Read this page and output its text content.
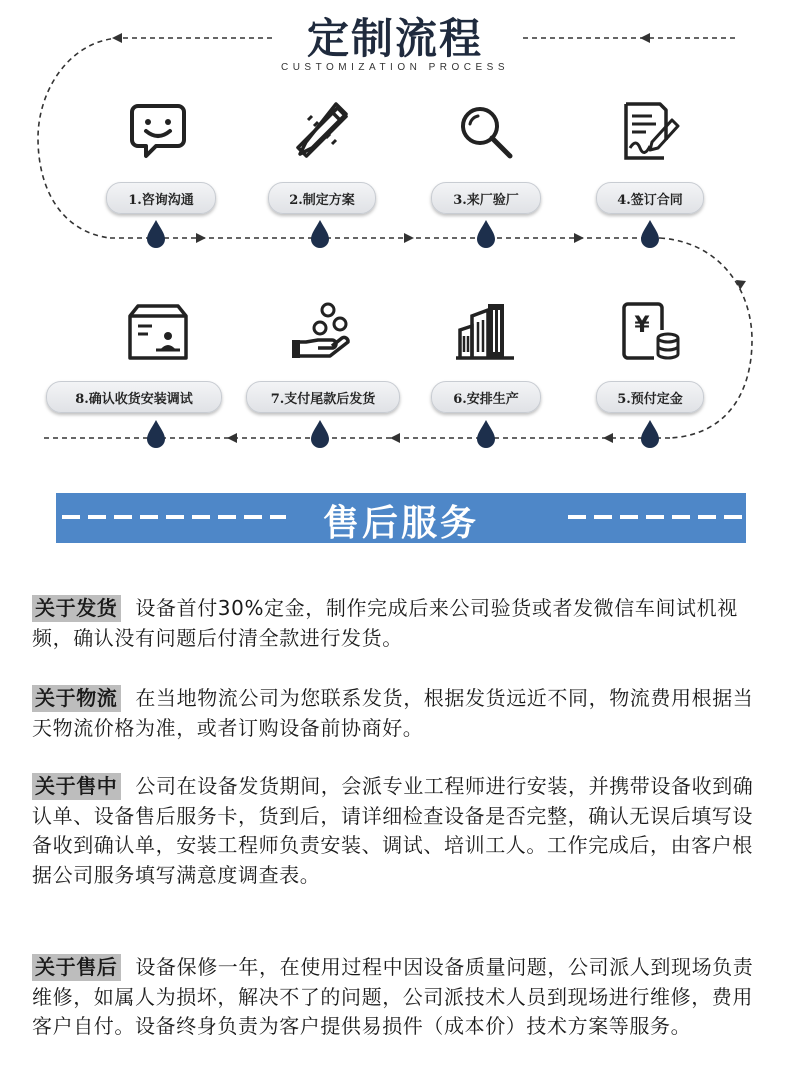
定制流程
CUSTOMIZATION PROCESS
1.咨询沟通	2.制定方案	3.来厂验厂	4.签订合同
¥
8.确认收货安装调试	7.支付尾款后发货	6.安排生产	5.预付定金
售后服务
关于发货 设备首付30%定金，制作完成后来公司验货或者发微信车间试机视频，确认没有问题后付清全款进行发货。
关于物流 在当地物流公司为您联系发货，根据发货远近不同，物流费用根据当天物流价格为准，或者订购设备前协商好。
关于售中 公司在设备发货期间，会派专业工程师进行安装，并携带设备收到确认单、设备售后服务卡，货到后，请详细检查设备是否完整，确认无误后填写设备收到确认单，安装工程师负责安装、调试、培训工人。工作完成后，由客户根据公司服务填写满意度调查表。
关于售后 设备保修一年，在使用过程中因设备质量问题，公司派人到现场负责维修，如属人为损坏，解决不了的问题，公司派技术人员到现场进行维修，费用客户自付。设备终身负责为客户提供易损件（成本价）技术方案等服务。
